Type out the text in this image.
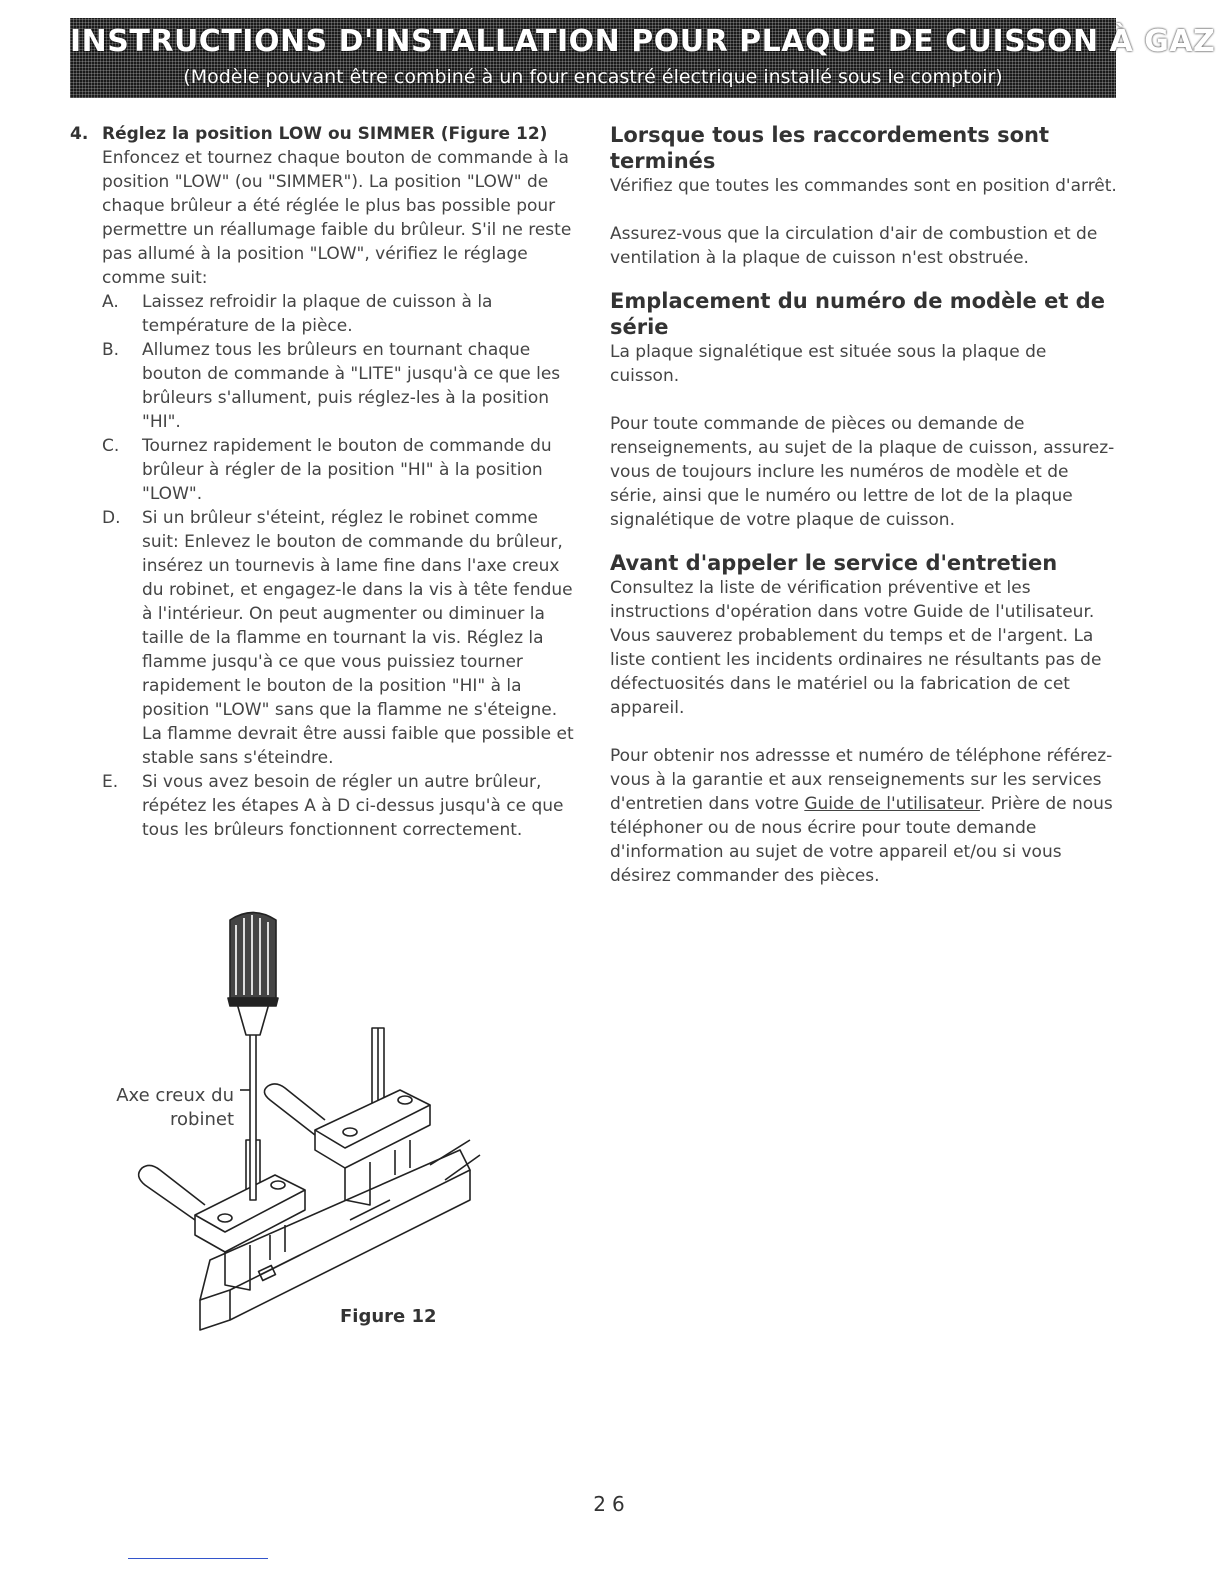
INSTRUCTIONS D'INSTALLATION POUR PLAQUE DE CUISSON À GAZ
(Modèle pouvant être combiné à un four encastré électrique installé sous le comptoir)
4. Réglez la position LOW ou SIMMER (Figure 12)
Enfoncez et tournez chaque bouton de commande à la position "LOW" (ou "SIMMER"). La position "LOW" de chaque brûleur a été réglée le plus bas possible pour permettre un réallumage faible du brûleur. S'il ne reste pas allumé à la position "LOW", vérifiez le réglage comme suit:
A.	Laissez refroidir la plaque de cuisson à la température de la pièce.
B.	Allumez tous les brûleurs en tournant chaque bouton de commande à "LITE" jusqu'à ce que les brûleurs s'allument, puis réglez-les à la position "HI".
C.	Tournez rapidement le bouton de commande du brûleur à régler de la position "HI" à la position "LOW".
D.	Si un brûleur s'éteint, réglez le robinet comme suit: Enlevez le bouton de commande du brûleur, insérez un tournevis à lame fine dans l'axe creux du robinet, et engagez-le dans la vis à tête fendue à l'intérieur. On peut augmenter ou diminuer la taille de la flamme en tournant la vis. Réglez la flamme jusqu'à ce que vous puissiez tourner rapidement le bouton de la position "HI" à la position "LOW" sans que la flamme ne s'éteigne. La flamme devrait être aussi faible que possible et stable sans s'éteindre.
E.	Si vous avez besoin de régler un autre brûleur, répétez les étapes A à D ci-dessus jusqu'à ce que tous les brûleurs fonctionnent correctement.
Axe creux du
robinet
Figure 12
Lorsque tous les raccordements sont terminés
Vérifiez que toutes les commandes sont en position d'arrêt.
Assurez-vous que la circulation d'air de combustion et de ventilation à la plaque de cuisson n'est obstruée.
Emplacement du numéro de modèle et de série
La plaque signalétique est située sous la plaque de cuisson.
Pour toute commande de pièces ou demande de renseignements, au sujet de la plaque de cuisson, assurez-vous de toujours inclure les numéros de modèle et de série, ainsi que le numéro ou lettre de lot de la plaque signalétique de votre plaque de cuisson.
Avant d'appeler le service d'entretien
Consultez la liste de vérification préventive et les instructions d'opération dans votre Guide de l'utilisateur. Vous sauverez probablement du temps et de l'argent. La liste contient les incidents ordinaires ne résultants pas de défectuosités dans le matériel ou la fabrication de cet appareil.
Pour obtenir nos adressse et numéro de téléphone référez-vous à la garantie et aux renseignements sur les services d'entretien dans votre Guide de l'utilisateur. Prière de nous téléphoner ou de nous écrire pour toute demande d'information au sujet de votre appareil et/ou si vous désirez commander des pièces.
26
